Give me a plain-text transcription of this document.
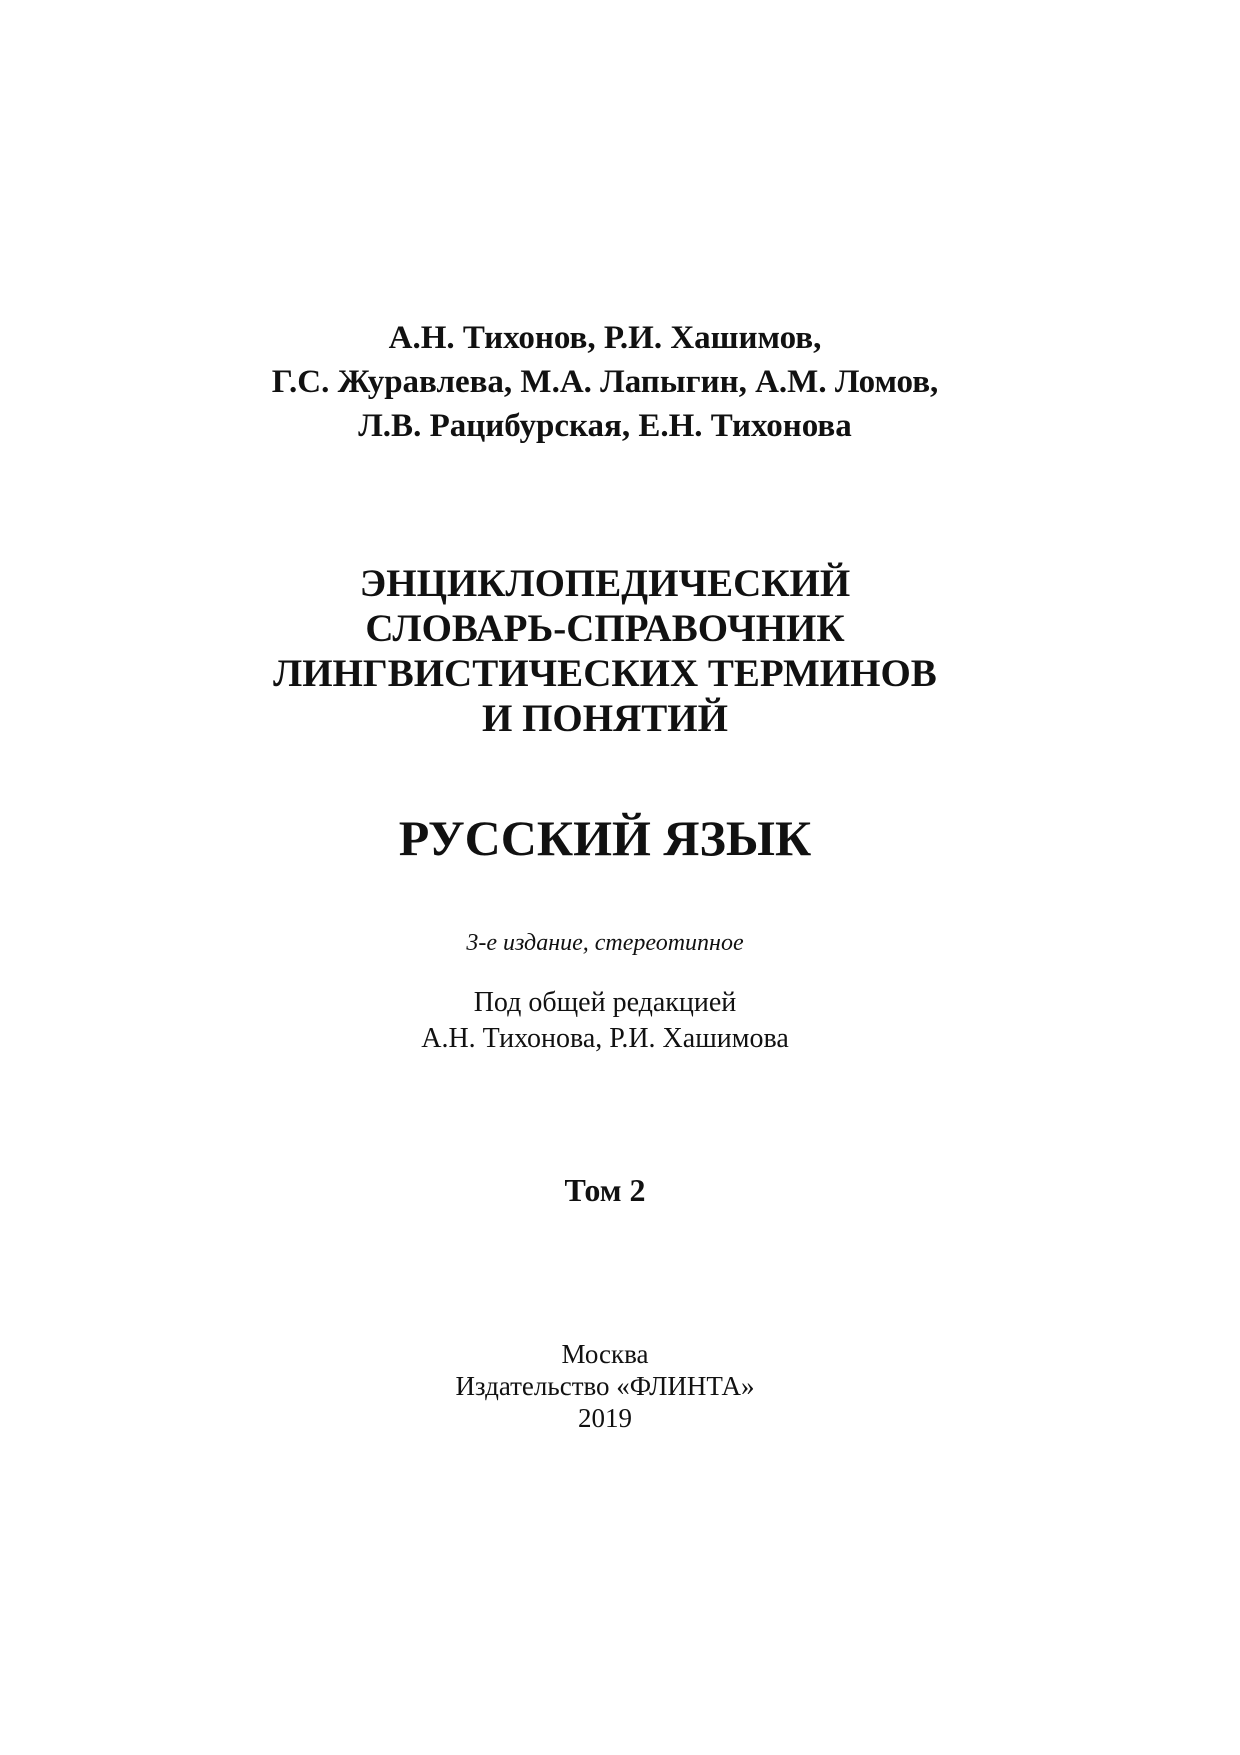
А.Н. Тихонов, Р.И. Хашимов,
Г.С. Журавлева, М.А. Лапыгин, А.М. Ломов,
Л.В. Рацибурская, Е.Н. Тихонова
ЭНЦИКЛОПЕДИЧЕСКИЙ
СЛОВАРЬ-СПРАВОЧНИК
ЛИНГВИСТИЧЕСКИХ ТЕРМИНОВ
И ПОНЯТИЙ
РУССКИЙ ЯЗЫК
3-е издание, стереотипное
Под общей редакцией
А.Н. Тихонова, Р.И. Хашимова
Том 2
Москва
Издательство «ФЛИНТА»
2019
